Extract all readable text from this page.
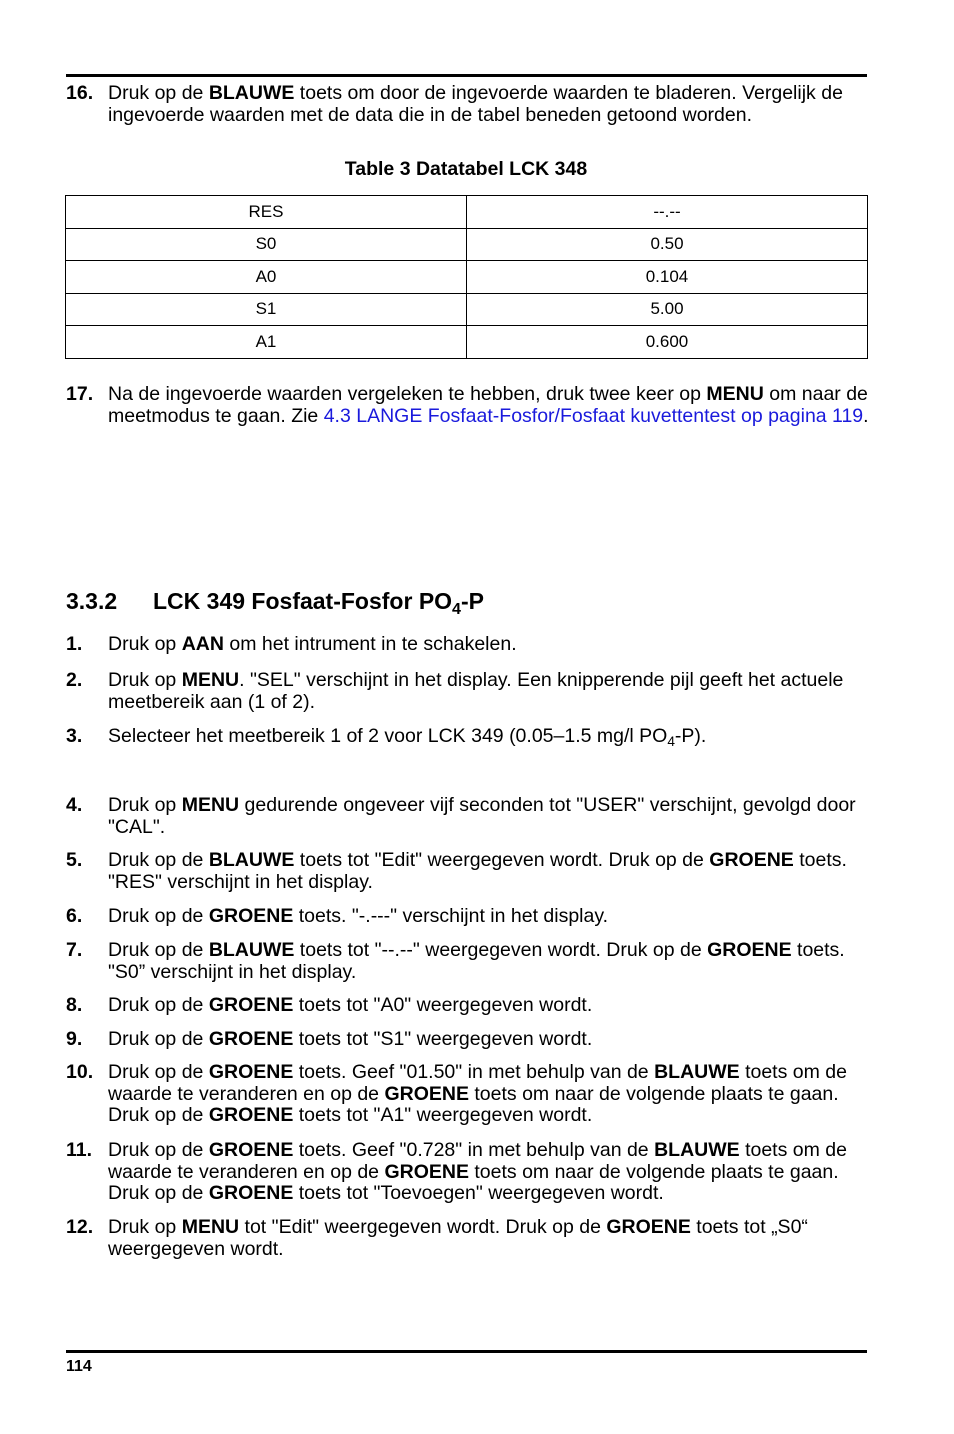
16. Druk op de BLAUWE toets om door de ingevoerde waarden te bladeren. Vergelijk de ingevoerde waarden met de data die in de tabel beneden getoond worden.
Table 3 Datatabel LCK 348
RES	--.--
S0	0.50
A0	0.104
S1	5.00
A1	0.600
17. Na de ingevoerde waarden vergeleken te hebben, druk twee keer op MENU om naar de meetmodus te gaan. Zie 4.3 LANGE Fosfaat-Fosfor/Fosfaat kuvettentest op pagina 119.
3.3.2 LCK 349 Fosfaat-Fosfor $PO_4-P$
1. Druk op AAN om het intrument in te schakelen.
2. Druk op MENU. "SEL" verschijnt in het display. Een knipperende pijl geeft het actuele meetbereik aan (1 of 2).
3. Selecteer het meetbereik 1 of 2 voor LCK 349 (0.05–1.5 mg/l $PO_4-P$).
4. Druk op MENU gedurende ongeveer vijf seconden tot "USER" verschijnt, gevolgd door "CAL".
5. Druk op de BLAUWE toets tot "Edit" weergegeven wordt. Druk op de GROENE toets. "RES" verschijnt in het display.
6. Druk op de GROENE toets. "-.---" verschijnt in het display.
7. Druk op de BLAUWE toets tot "--.--" weergegeven wordt. Druk op de GROENE toets. "S0” verschijnt in het display.
8. Druk op de GROENE toets tot "A0" weergegeven wordt.
9. Druk op de GROENE toets tot "S1" weergegeven wordt.
10. Druk op de GROENE toets. Geef "01.50" in met behulp van de BLAUWE toets om de waarde te veranderen en op de GROENE toets om naar de volgende plaats te gaan. Druk op de GROENE toets tot "A1" weergegeven wordt.
11. Druk op de GROENE toets. Geef "0.728" in met behulp van de BLAUWE toets om de waarde te veranderen en op de GROENE toets om naar de volgende plaats te gaan. Druk op de GROENE toets tot "Toevoegen" weergegeven wordt.
12. Druk op MENU tot "Edit" weergegeven wordt. Druk op de GROENE toets tot „S0“ weergegeven wordt.
114
